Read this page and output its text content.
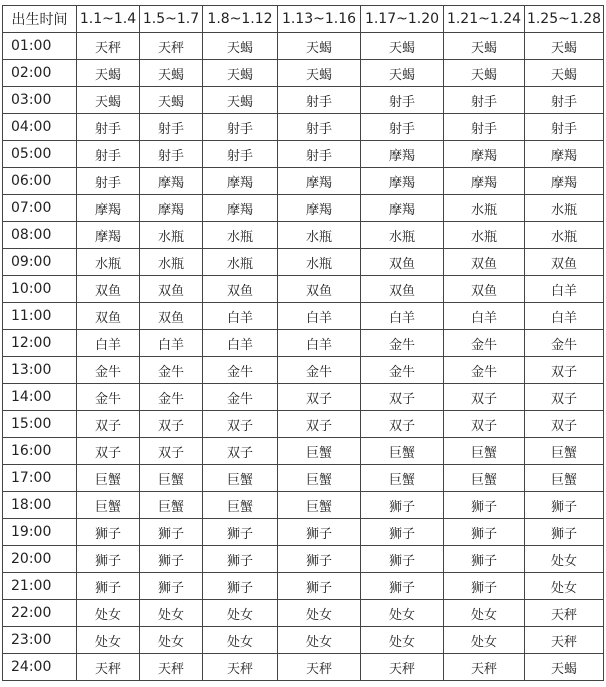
出生时间	1.1~1.4	1.5~1.7	1.8~1.12	1.13~1.16	1.17~1.20	1.21~1.24	1.25~1.28
01:00	天秤	天秤	天蝎	天蝎	天蝎	天蝎	天蝎
02:00	天蝎	天蝎	天蝎	天蝎	天蝎	天蝎	天蝎
03:00	天蝎	天蝎	天蝎	射手	射手	射手	射手
04:00	射手	射手	射手	射手	射手	射手	射手
05:00	射手	射手	射手	射手	摩羯	摩羯	摩羯
06:00	射手	摩羯	摩羯	摩羯	摩羯	摩羯	摩羯
07:00	摩羯	摩羯	摩羯	摩羯	摩羯	水瓶	水瓶
08:00	摩羯	水瓶	水瓶	水瓶	水瓶	水瓶	水瓶
09:00	水瓶	水瓶	水瓶	水瓶	双鱼	双鱼	双鱼
10:00	双鱼	双鱼	双鱼	双鱼	双鱼	双鱼	白羊
11:00	双鱼	双鱼	白羊	白羊	白羊	白羊	白羊
12:00	白羊	白羊	白羊	白羊	金牛	金牛	金牛
13:00	金牛	金牛	金牛	金牛	金牛	金牛	双子
14:00	金牛	金牛	金牛	双子	双子	双子	双子
15:00	双子	双子	双子	双子	双子	双子	双子
16:00	双子	双子	双子	巨蟹	巨蟹	巨蟹	巨蟹
17:00	巨蟹	巨蟹	巨蟹	巨蟹	巨蟹	巨蟹	巨蟹
18:00	巨蟹	巨蟹	巨蟹	巨蟹	狮子	狮子	狮子
19:00	狮子	狮子	狮子	狮子	狮子	狮子	狮子
20:00	狮子	狮子	狮子	狮子	狮子	狮子	处女
21:00	狮子	狮子	狮子	狮子	狮子	狮子	处女
22:00	处女	处女	处女	处女	处女	处女	天秤
23:00	处女	处女	处女	处女	处女	处女	天秤
24:00	天秤	天秤	天秤	天秤	天秤	天秤	天蝎
